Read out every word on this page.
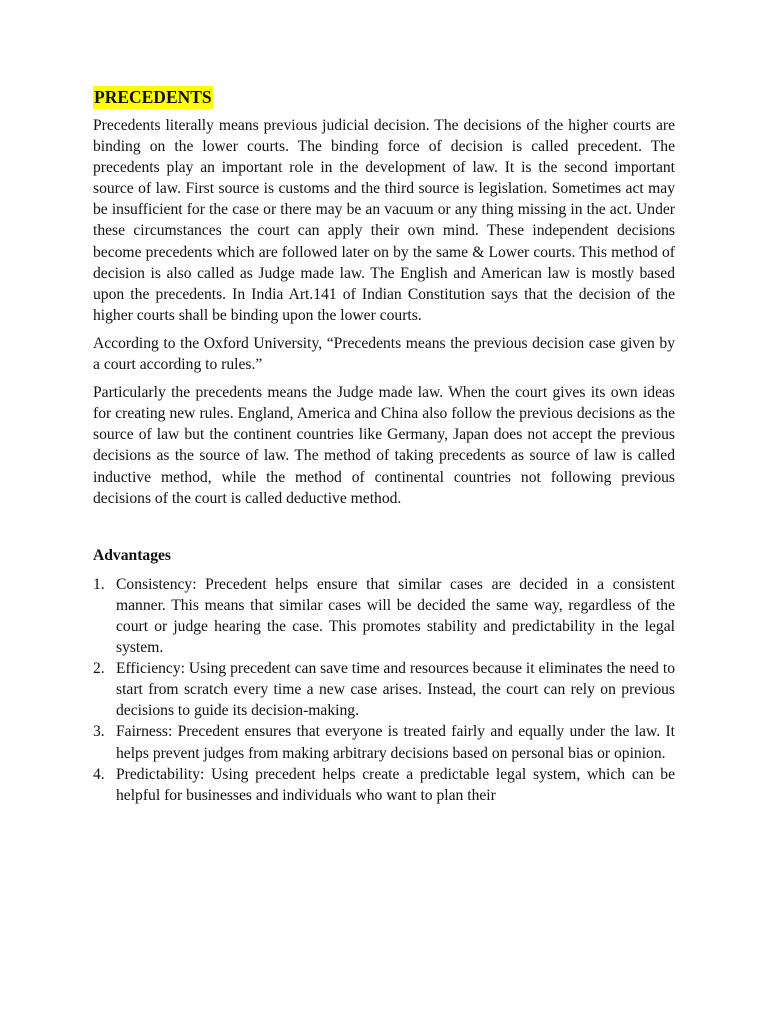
PRECEDENTS

Precedents literally means previous judicial decision. The decisions of the higher courts are binding on the lower courts. The binding force of decision is called precedent. The precedents play an important role in the development of law. It is the second important source of law. First source is customs and the third source is legislation. Sometimes act may be insufficient for the case or there may be an vacuum or any thing missing in the act. Under these circumstances the court can apply their own mind. These independent decisions become precedents which are followed later on by the same & Lower courts. This method of decision is also called as Judge made law. The English and American law is mostly based upon the precedents. In India Art.141 of Indian Constitution says that the decision of the higher courts shall be binding upon the lower courts.

According to the Oxford University, “Precedents means the previous decision case given by a court according to rules.”

Particularly the precedents means the Judge made law. When the court gives its own ideas for creating new rules. England, America and China also follow the previous decisions as the source of law but the continent countries like Germany, Japan does not accept the previous decisions as the source of law. The method of taking precedents as source of law is called inductive method, while the method of continental countries not following previous decisions of the court is called deductive method.

Advantages
1. Consistency: Precedent helps ensure that similar cases are decided in a consistent manner. This means that similar cases will be decided the same way, regardless of the court or judge hearing the case. This promotes stability and predictability in the legal system.
2. Efficiency: Using precedent can save time and resources because it eliminates the need to start from scratch every time a new case arises. Instead, the court can rely on previous decisions to guide its decision-making.
3. Fairness: Precedent ensures that everyone is treated fairly and equally under the law. It helps prevent judges from making arbitrary decisions based on personal bias or opinion.
4. Predictability: Using precedent helps create a predictable legal system, which can be helpful for businesses and individuals who want to plan their
